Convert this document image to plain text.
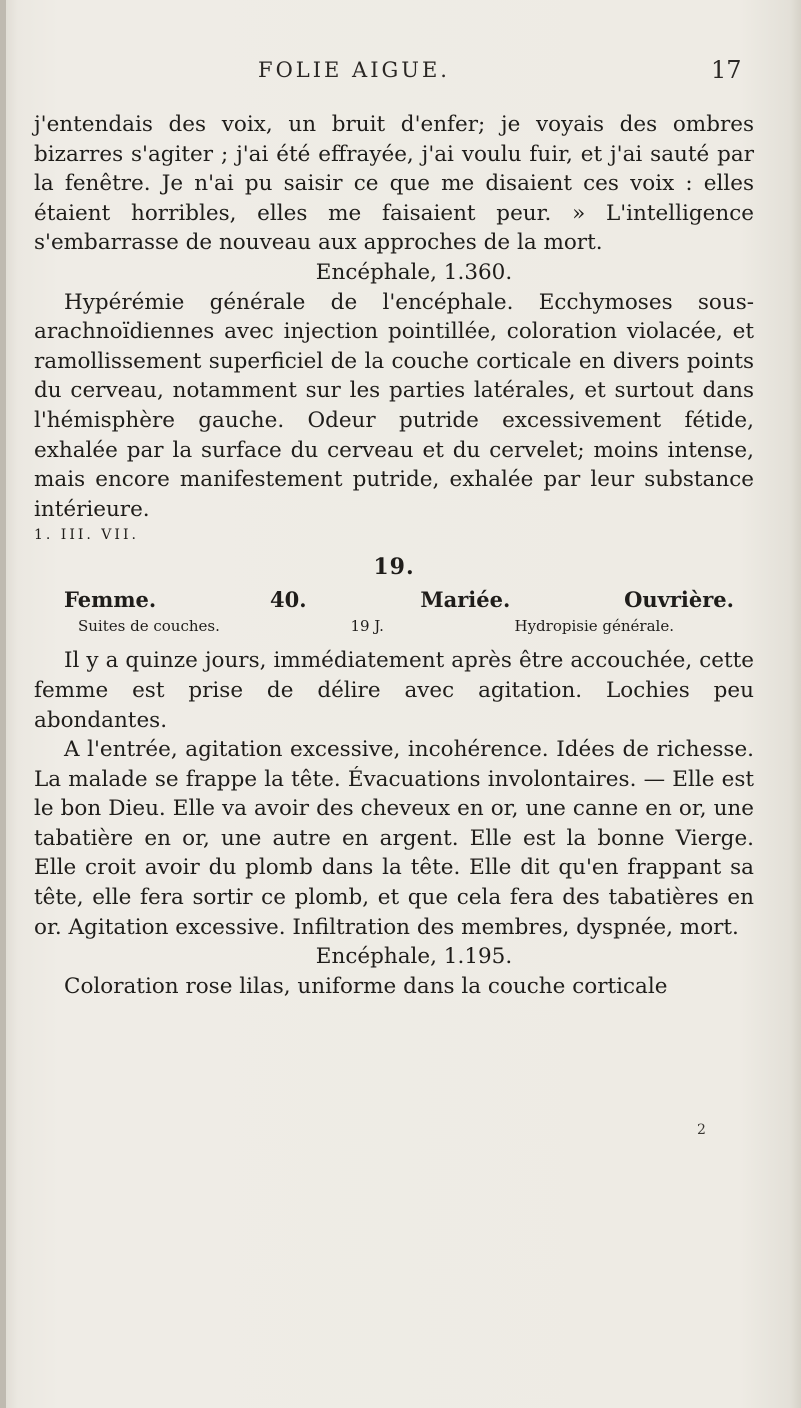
FOLIE AIGUE.	17

j'entendais des voix, un bruit d'enfer; je voyais des ombres bizarres s'agiter ; j'ai été effrayée, j'ai voulu fuir, et j'ai sauté par la fenêtre. Je n'ai pu saisir ce que me disaient ces voix : elles étaient horribles, elles me faisaient peur. » L'intelligence s'embarrasse de nouveau aux approches de la mort.

Encéphale, 1.360.

Hypérémie générale de l'encéphale. Ecchymoses sous-arachnoïdiennes avec injection pointillée, coloration violacée, et ramollissement superficiel de la couche corticale en divers points du cerveau, notamment sur les parties latérales, et surtout dans l'hémisphère gauche. Odeur putride excessivement fétide, exhalée par la surface du cerveau et du cervelet; moins intense, mais encore manifestement putride, exhalée par leur substance intérieure.

1. III. VII.

19.
Femme.	40.	Mariée.	Ouvrière.
Suites de couches.	19 J.	Hydropisie générale.

Il y a quinze jours, immédiatement après être accouchée, cette femme est prise de délire avec agitation. Lochies peu abondantes.

A l'entrée, agitation excessive, incohérence. Idées de richesse. La malade se frappe la tête. Évacuations involontaires. — Elle est le bon Dieu. Elle va avoir des cheveux en or, une canne en or, une tabatière en or, une autre en argent. Elle est la bonne Vierge. Elle croit avoir du plomb dans la tête. Elle dit qu'en frappant sa tête, elle fera sortir ce plomb, et que cela fera des tabatières en or. Agitation excessive. Infiltration des membres, dyspnée, mort.

Encéphale, 1.195.

Coloration rose lilas, uniforme dans la couche corticale

2
